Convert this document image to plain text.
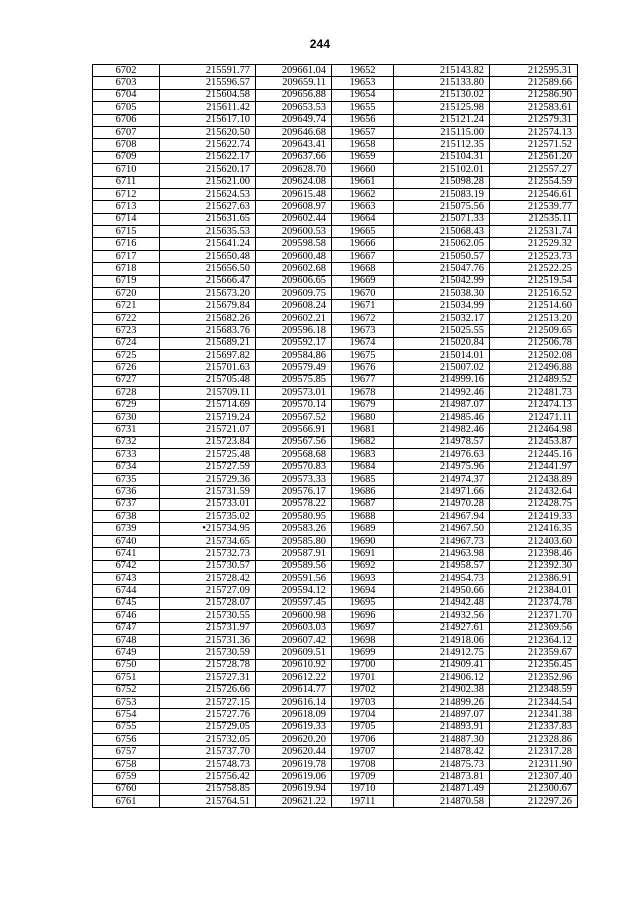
244
6702	215591.77	209661.04	19652	215143.82	212595.31
6703	215596.57	209659.11	19653	215133.80	212589.66
6704	215604.58	209656.88	19654	215130.02	212586.90
6705	215611.42	209653.53	19655	215125.98	212583.61
6706	215617.10	209649.74	19656	215121.24	212579.31
6707	215620.50	209646.68	19657	215115.00	212574.13
6708	215622.74	209643.41	19658	215112.35	212571.52
6709	215622.17	209637.66	19659	215104.31	212561.20
6710	215620.17	209628.70	19660	215102.01	212557.27
6711	215621.00	209624.08	19661	215098.28	212554.59
6712	215624.53	209615.48	19662	215083.19	212546.61
6713	215627.63	209608.97	19663	215075.56	212539.77
6714	215631.65	209602.44	19664	215071.33	212535.11
6715	215635.53	209600.53	19665	215068.43	212531.74
6716	215641.24	209598.58	19666	215062.05	212529.32
6717	215650.48	209600.48	19667	215050.57	212523.73
6718	215656.50	209602.68	19668	215047.76	212522.25
6719	215666.47	209606.65	19669	215042.99	212519.54
6720	215673.20	209609.75	19670	215038.30	212516.52
6721	215679.84	209608.24	19671	215034.99	212514.60
6722	215682.26	209602.21	19672	215032.17	212513.20
6723	215683.76	209596.18	19673	215025.55	212509.65
6724	215689.21	209592.17	19674	215020.84	212506.78
6725	215697.82	209584.86	19675	215014.01	212502.08
6726	215701.63	209579.49	19676	215007.02	212496.88
6727	215705.48	209575.85	19677	214999.16	212489.52
6728	215709.11	209573.01	19678	214992.46	212481.73
6729	215714.69	209570.14	19679	214987.07	212474.13
6730	215719.24	209567.52	19680	214985.46	212471.11
6731	215721.07	209566.91	19681	214982.46	212464.98
6732	215723.84	209567.56	19682	214978.57	212453.87
6733	215725.48	209568.68	19683	214976.63	212445.16
6734	215727.59	209570.83	19684	214975.96	212441.97
6735	215729.36	209573.33	19685	214974.37	212438.89
6736	215731.59	209576.17	19686	214971.66	212432.64
6737	215733.01	209578.22	19687	214970.28	212428.75
6738	215735.02	209580.95	19688	214967.94	212419.33
6739	•215734.95	209583.26	19689	214967.50	212416.35
6740	215734.65	209585.80	19690	214967.73	212403.60
6741	215732.73	209587.91	19691	214963.98	212398.46
6742	215730.57	209589.56	19692	214958.57	212392.30
6743	215728.42	209591.56	19693	214954.73	212386.91
6744	215727.09	209594.12	19694	214950.66	212384.01
6745	215728.07	209597.45	19695	214942.48	212374.78
6746	215730.55	209600.98	19696	214932.56	212371.70
6747	215731.97	209603.03	19697	214927.61	212369.56
6748	215731.36	209607.42	19698	214918.06	212364.12
6749	215730.59	209609.51	19699	214912.75	212359.67
6750	215728.78	209610.92	19700	214909.41	212356.45
6751	215727.31	209612.22	19701	214906.12	212352.96
6752	215726.66	209614.77	19702	214902.38	212348.59
6753	215727.15	209616.14	19703	214899.26	212344.54
6754	215727.76	209618.09	19704	214897.07	212341.38
6755	215729.05	209619.33	19705	214893.91	212337.83
6756	215732.05	209620.20	19706	214887.30	212328.86
6757	215737.70	209620.44	19707	214878.42	212317.28
6758	215748.73	209619.78	19708	214875.73	212311.90
6759	215756.42	209619.06	19709	214873.81	212307.40
6760	215758.85	209619.94	19710	214871.49	212300.67
6761	215764.51	209621.22	19711	214870.58	212297.26
